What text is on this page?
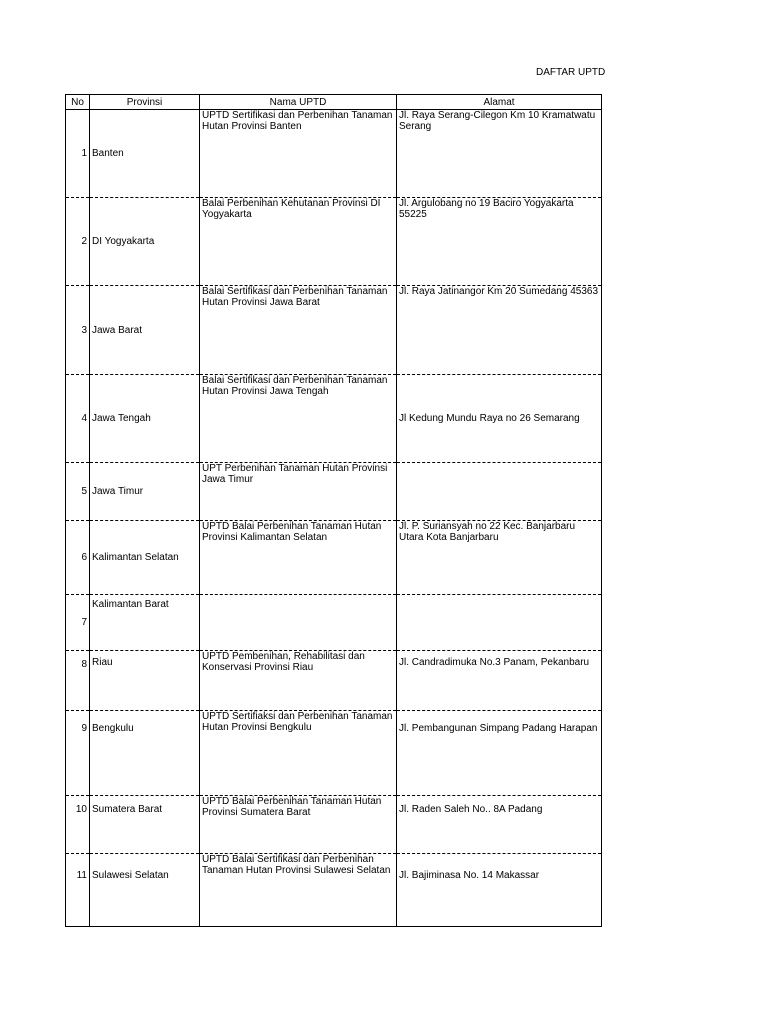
DAFTAR UPTD
No	Provinsi	Nama UPTD	Alamat
1	Banten	UPTD Sertifikasi dan Perbenihan Tanaman Hutan Provinsi Banten	Jl. Raya Serang-Cilegon Km 10 Kramatwatu Serang
2	DI Yogyakarta	Balai Perbenihan Kehutanan Provinsi DI Yogyakarta	Jl. Argulobang no 19 Baciro Yogyakarta 55225
3	Jawa Barat	Balai Sertifikasi dan Perbenihan Tanaman Hutan Provinsi Jawa Barat	Jl. Raya Jatinangor Km 20 Sumedang 45363
4	Jawa Tengah	Balai Sertifikasi dan Perbenihan Tanaman Hutan Provinsi Jawa Tengah	Jl Kedung Mundu Raya no 26 Semarang
5	Jawa Timur	UPT Perbenihan Tanaman Hutan Provinsi Jawa Timur	
6	Kalimantan Selatan	UPTD Balai Perbenihan Tanaman Hutan Provinsi Kalimantan Selatan	Jl. P. Suriansyah no 22 Kec. Banjarbaru Utara Kota Banjarbaru
7	Kalimantan Barat		
8	Riau	UPTD Pembenihan, Rehabilitasi dan Konservasi Provinsi Riau	Jl. Candradimuka No.3 Panam, Pekanbaru
9	Bengkulu	UPTD Sertifiaksi dan Perbenihan Tanaman Hutan Provinsi Bengkulu	Jl. Pembangunan Simpang Padang Harapan
10	Sumatera Barat	UPTD Balai Perbenihan Tanaman Hutan Provinsi Sumatera Barat	Jl. Raden Saleh No.. 8A Padang
11	Sulawesi Selatan	UPTD Balai Sertifikasi dan Perbenihan Tanaman Hutan Provinsi Sulawesi Selatan	Jl. Bajiminasa No. 14 Makassar
